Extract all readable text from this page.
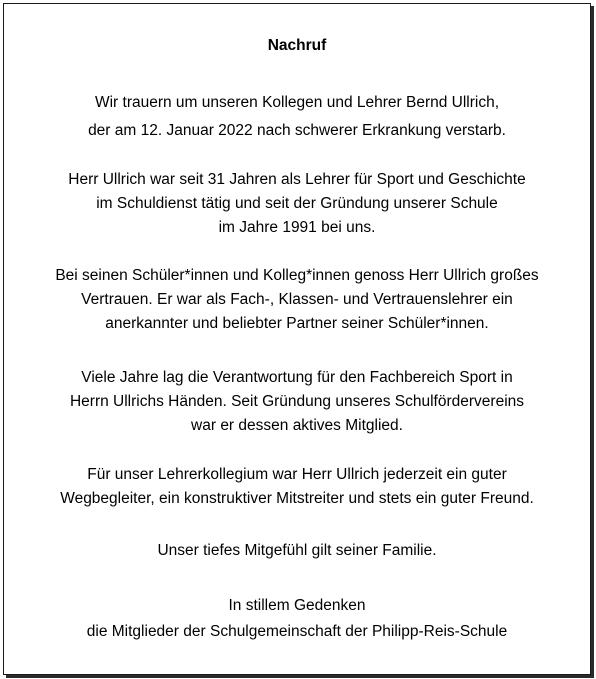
Nachruf
Wir trauern um unseren Kollegen und Lehrer Bernd Ullrich,
der am 12. Januar 2022 nach schwerer Erkrankung verstarb.
Herr Ullrich war seit 31 Jahren als Lehrer für Sport und Geschichte
im Schuldienst tätig und seit der Gründung unserer Schule
im Jahre 1991 bei uns.
Bei seinen Schüler*innen und Kolleg*innen genoss Herr Ullrich großes
Vertrauen. Er war als Fach-, Klassen- und Vertrauenslehrer ein
anerkannter und beliebter Partner seiner Schüler*innen.
Viele Jahre lag die Verantwortung für den Fachbereich Sport in
Herrn Ullrichs Händen. Seit Gründung unseres Schulfördervereins
war er dessen aktives Mitglied.
Für unser Lehrerkollegium war Herr Ullrich jederzeit ein guter
Wegbegleiter, ein konstruktiver Mitstreiter und stets ein guter Freund.
Unser tiefes Mitgefühl gilt seiner Familie.
In stillem Gedenken
die Mitglieder der Schulgemeinschaft der Philipp-Reis-Schule
